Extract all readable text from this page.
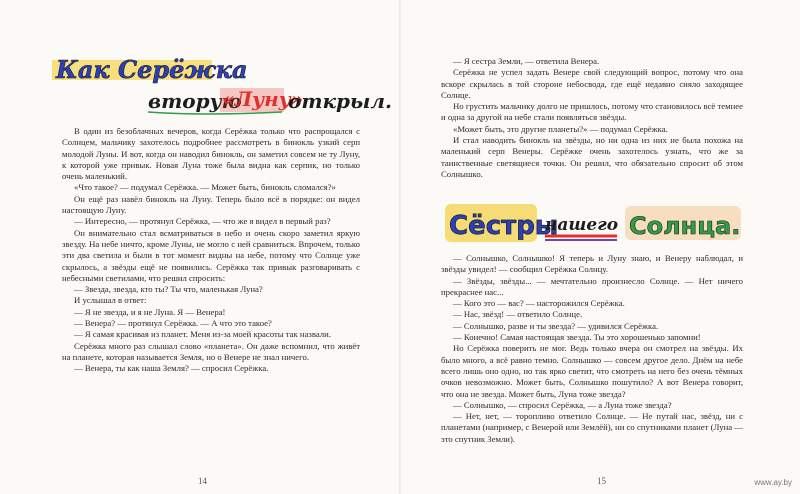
Как Серёжка
вторую
«Луну»
открыл.

В один из безоблачных вечеров, когда Серёжка только что распрощался с Солнцем, мальчику захотелось подробнее рассмотреть в бинокль узкий серп молодой Луны. И вот, когда он наводил бинокль, он заметил совсем не ту Луну, к которой уже привык. Новая Луна тоже была видна как серпик, но только очень маленький.

«Что такое? — подумал Серёжка. — Может быть, бинокль сломался?»

Он ещё раз навёл бинокль на Луну. Теперь было всё в порядке: он видел настоящую Луну.

— Интересно, — протянул Серёжка, — что же я видел в первый раз?

Он внимательно стал всматриваться в небо и очень скоро заметил яркую звезду. На небе ничто, кроме Луны, не могло с ней сравниться. Впрочем, только эти два светила и были в тот момент видны на небе, потому что Солнце уже скрылось, а звёзды ещё не появились. Серёжка так привык разговаривать с небесными светилами, что решил спросить:

— Звезда, звезда, кто ты? Ты что, маленькая Луна?

И услышал в ответ:

— Я не звезда, и я не Луна. Я — Венера!

— Венера? — протянул Серёжка. — А что это такое?

— Я самая красивая из планет. Меня из-за моей красоты так назвали.

Серёжка много раз слышал слово «планета». Он даже вспомнил, что живёт на планете, которая называется Земля, но о Венере не знал ничего.

— Венера, ты как наша Земля? — спросил Серёжка.

14

— Я сестра Земли, — ответила Венера.

Серёжка не успел задать Венере свой следующий вопрос, потому что она вскоре скрылась в той стороне небосвода, где ещё недавно сияло заходящее Солнце.

Но грустить мальчику долго не пришлось, потому что становилось всё темнее и одна за другой на небе стали появляться звёзды.

«Может быть, это другие планеты?» — подумал Серёжка.

И стал наводить бинокль на звёзды, но ни одна из них не была похожа на маленький серп Венеры. Серёжке очень захотелось узнать, что же за таинственные светящиеся точки. Он решил, что обязательно спросит об этом Солнышко.

Сёстры
нашего Солнца.

— Солнышко, Солнышко! Я теперь и Луну знаю, и Венеру наблюдал, и звёзды увидел! — сообщил Серёжка Солнцу.

— Звёзды, звёзды... — мечтательно произнесло Солнце. — Нет ничего прекраснее нас...

— Кого это — вас? — насторожился Серёжка.

— Нас, звёзд! — ответило Солнце.

— Солнышко, разве и ты звезда? — удивился Серёжка.

— Конечно! Самая настоящая звезда. Ты это хорошенько запомни!

Но Серёжка поверить не мог. Ведь только вчера он смотрел на звёзды. Их было много, а всё равно темно. Солнышко — совсем другое дело. Днём на небе всего лишь оно одно, но так ярко светит, что смотреть на него без очень тёмных очков невозможно. Может быть, Солнышко пошутило? А вот Венера говорит, что она не звезда. Может быть, Луна тоже звезда?

— Солнышко, — спросил Серёжка, — а Луна тоже звезда?

— Нет, нет, — торопливо ответило Солнце. — Не путай нас, звёзд, ни с планетами (например, с Венерой или Землёй), ни со спутниками планет (Луна — это спутник Земли).

15	www.ay.by
